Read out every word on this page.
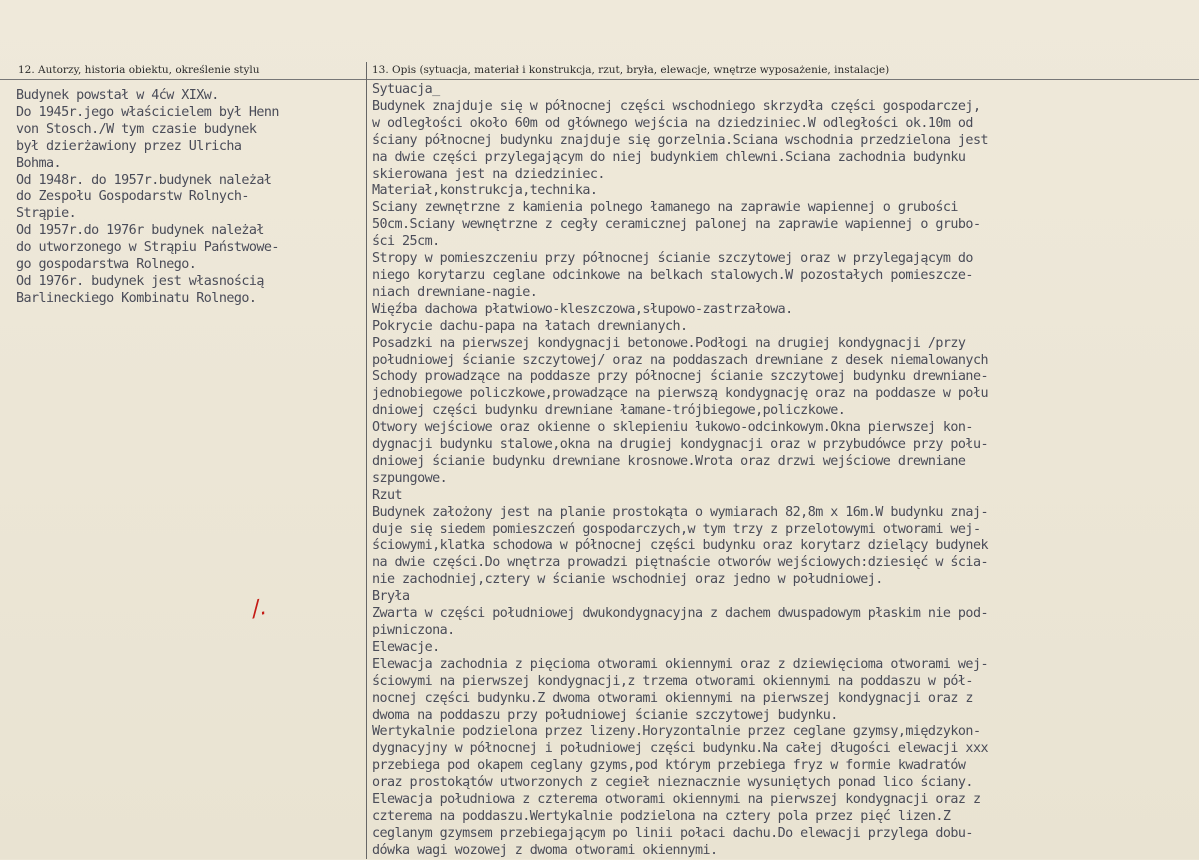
12. Autorzy, historia obiektu, określenie stylu	13. Opis (sytuacja, materiał i konstrukcja, rzut, bryła, elewacje, wnętrze wyposażenie, instalacje)
Budynek powstał w 4ćw XIXw.
Do 1945r.jego właścicielem był Henn
von Stosch./W tym czasie budynek
był dzierżawiony przez Ulricha
Bohma.
Od 1948r. do 1957r.budynek należał
do Zespołu Gospodarstw Rolnych-
Strąpie.
Od 1957r.do 1976r budynek należał
do utworzonego w Strąpiu Państwowe-
go gospodarstwa Rolnego.
Od 1976r. budynek jest własnością
Barlineckiego Kombinatu Rolnego.
Sytuacja_
Budynek znajduje się w północnej części wschodniego skrzydła części gospodarczej,
w odległości około 60m od głównego wejścia na dziedziniec.W odległości ok.10m od
ściany północnej budynku znajduje się gorzelnia.Sciana wschodnia przedzielona jest
na dwie części przylegającym do niej budynkiem chlewni.Sciana zachodnia budynku
skierowana jest na dziedziniec.
Materiał,konstrukcja,technika.
Sciany zewnętrzne z kamienia polnego łamanego na zaprawie wapiennej o grubości
50cm.Sciany wewnętrzne z cegły ceramicznej palonej na zaprawie wapiennej o grubo-
ści 25cm.
Stropy w pomieszczeniu przy północnej ścianie szczytowej oraz w przylegającym do
niego korytarzu ceglane odcinkowe na belkach stalowych.W pozostałych pomieszcze-
niach drewniane-nagie.
Więźba dachowa płatwiowo-kleszczowa,słupowo-zastrzałowa.
Pokrycie dachu-papa na łatach drewnianych.
Posadzki na pierwszej kondygnacji betonowe.Podłogi na drugiej kondygnacji /przy
południowej ścianie szczytowej/ oraz na poddaszach drewniane z desek niemalowanych
Schody prowadzące na poddasze przy północnej ścianie szczytowej budynku drewniane-
jednobiegowe policzkowe,prowadzące na pierwszą kondygnację oraz na poddasze w połu
dniowej części budynku drewniane łamane-trójbiegowe,policzkowe.
Otwory wejściowe oraz okienne o sklepieniu łukowo-odcinkowym.Okna pierwszej kon-
dygnacji budynku stalowe,okna na drugiej kondygnacji oraz w przybudówce przy połu-
dniowej ścianie budynku drewniane krosnowe.Wrota oraz drzwi wejściowe drewniane
szpungowe.
Rzut
Budynek założony jest na planie prostokąta o wymiarach 82,8m x 16m.W budynku znaj-
duje się siedem pomieszczeń gospodarczych,w tym trzy z przelotowymi otworami wej-
ściowymi,klatka schodowa w północnej części budynku oraz korytarz dzielący budynek
na dwie części.Do wnętrza prowadzi piętnaście otworów wejściowych:dziesięć w ścia-
nie zachodniej,cztery w ścianie wschodniej oraz jedno w południowej.
Bryła
Zwarta w części południowej dwukondygnacyjna z dachem dwuspadowym płaskim nie pod-
piwniczona.
Elewacje.
Elewacja zachodnia z pięcioma otworami okiennymi oraz z dziewięcioma otworami wej-
ściowymi na pierwszej kondygnacji,z trzema otworami okiennymi na poddaszu w pół-
nocnej części budynku.Z dwoma otworami okiennymi na pierwszej kondygnacji oraz z
dwoma na poddaszu przy południowej ścianie szczytowej budynku.
Wertykalnie podzielona przez lizeny.Horyzontalnie przez ceglane gzymsy,międzykon-
dygnacyjny w północnej i południowej części budynku.Na całej długości elewacji xxx
przebiega pod okapem ceglany gzyms,pod którym przebiega fryz w formie kwadratów
oraz prostokątów utworzonych z cegieł nieznacznie wysuniętych ponad lico ściany.
Elewacja południowa z czterema otworami okiennymi na pierwszej kondygnacji oraz z
czterema na poddaszu.Wertykalnie podzielona na cztery pola przez pięć lizen.Z
ceglanym gzymsem przebiegającym po linii połaci dachu.Do elewacji przylega dobu-
dówka wagi wozowej z dwoma otworami okiennymi.
/.
